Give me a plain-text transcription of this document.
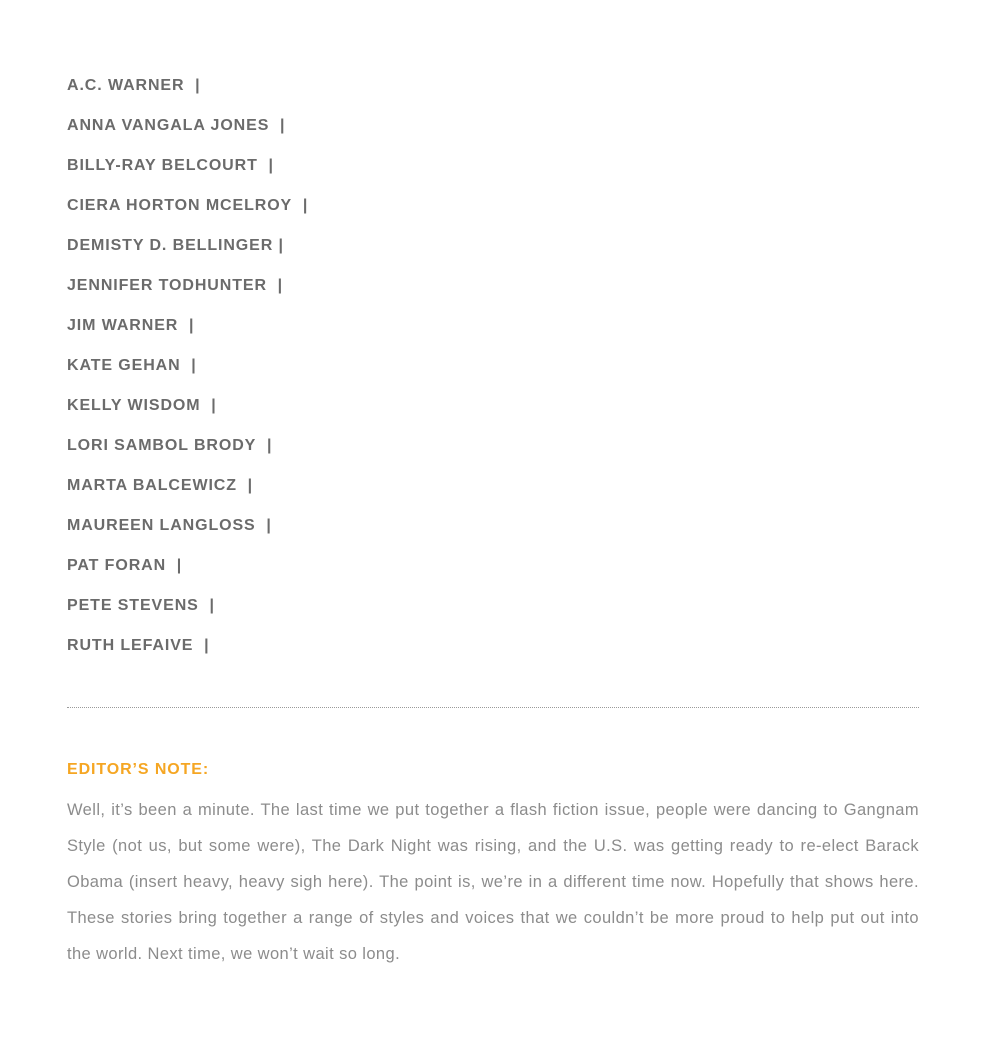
A.C. WARNER |
ANNA VANGALA JONES |
BILLY-RAY BELCOURT |
CIERA HORTON MCELROY |
DEMISTY D. BELLINGER |
JENNIFER TODHUNTER |
JIM WARNER |
KATE GEHAN |
KELLY WISDOM |
LORI SAMBOL BRODY |
MARTA BALCEWICZ |
MAUREEN LANGLOSS |
PAT FORAN |
PETE STEVENS |
RUTH LEFAIVE |
EDITOR’S NOTE:

Well, it’s been a minute. The last time we put together a flash fiction issue, people were dancing to Gangnam Style (not us, but some were), The Dark Night was rising, and the U.S. was getting ready to re-elect Barack Obama (insert heavy, heavy sigh here). The point is, we’re in a different time now. Hopefully that shows here. These stories bring together a range of styles and voices that we couldn’t be more proud to help put out into the world. Next time, we won’t wait so long.
